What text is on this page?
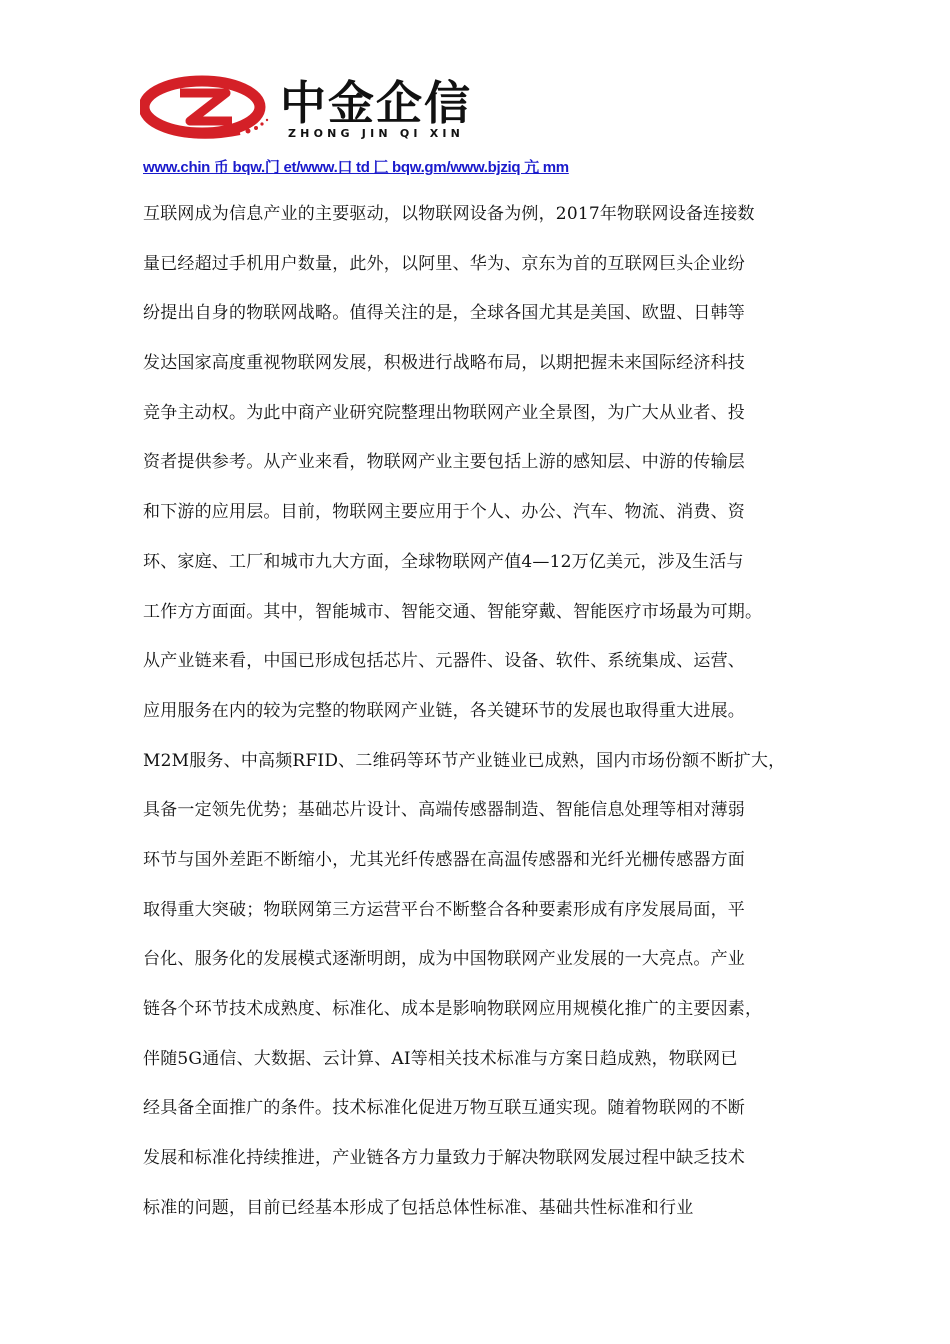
中金企信
ZHONG JIN QI XIN
www.chin 币 bqw.门 et/www.口 td 匚 bqw.gm/www.bjziq 亢 mm
互联网成为信息产业的主要驱动，以物联网设备为例，2017年物联网设备连接数
量已经超过手机用户数量，此外，以阿里、华为、京东为首的互联网巨头企业纷
纷提出自身的物联网战略。值得关注的是，全球各国尤其是美国、欧盟、日韩等
发达国家高度重视物联网发展，积极进行战略布局，以期把握未来国际经济科技
竞争主动权。为此中商产业研究院整理出物联网产业全景图，为广大从业者、投
资者提供参考。从产业来看，物联网产业主要包括上游的感知层、中游的传输层
和下游的应用层。目前，物联网主要应用于个人、办公、汽车、物流、消费、资
环、家庭、工厂和城市九大方面，全球物联网产值4—12万亿美元，涉及生活与
工作方方面面。其中，智能城市、智能交通、智能穿戴、智能医疗市场最为可期。
从产业链来看，中国已形成包括芯片、元器件、设备、软件、系统集成、运营、
应用服务在内的较为完整的物联网产业链，各关键环节的发展也取得重大进展。
M2M服务、中高频RFID、二维码等环节产业链业已成熟，国内市场份额不断扩大，
具备一定领先优势；基础芯片设计、高端传感器制造、智能信息处理等相对薄弱
环节与国外差距不断缩小，尤其光纤传感器在高温传感器和光纤光栅传感器方面
取得重大突破；物联网第三方运营平台不断整合各种要素形成有序发展局面，平
台化、服务化的发展模式逐渐明朗，成为中国物联网产业发展的一大亮点。产业
链各个环节技术成熟度、标准化、成本是影响物联网应用规模化推广的主要因素，
伴随5G通信、大数据、云计算、AI等相关技术标准与方案日趋成熟，物联网已
经具备全面推广的条件。技术标准化促进万物互联互通实现。随着物联网的不断
发展和标准化持续推进，产业链各方力量致力于解决物联网发展过程中缺乏技术
标准的问题，目前已经基本形成了包括总体性标准、基础共性标准和行业
